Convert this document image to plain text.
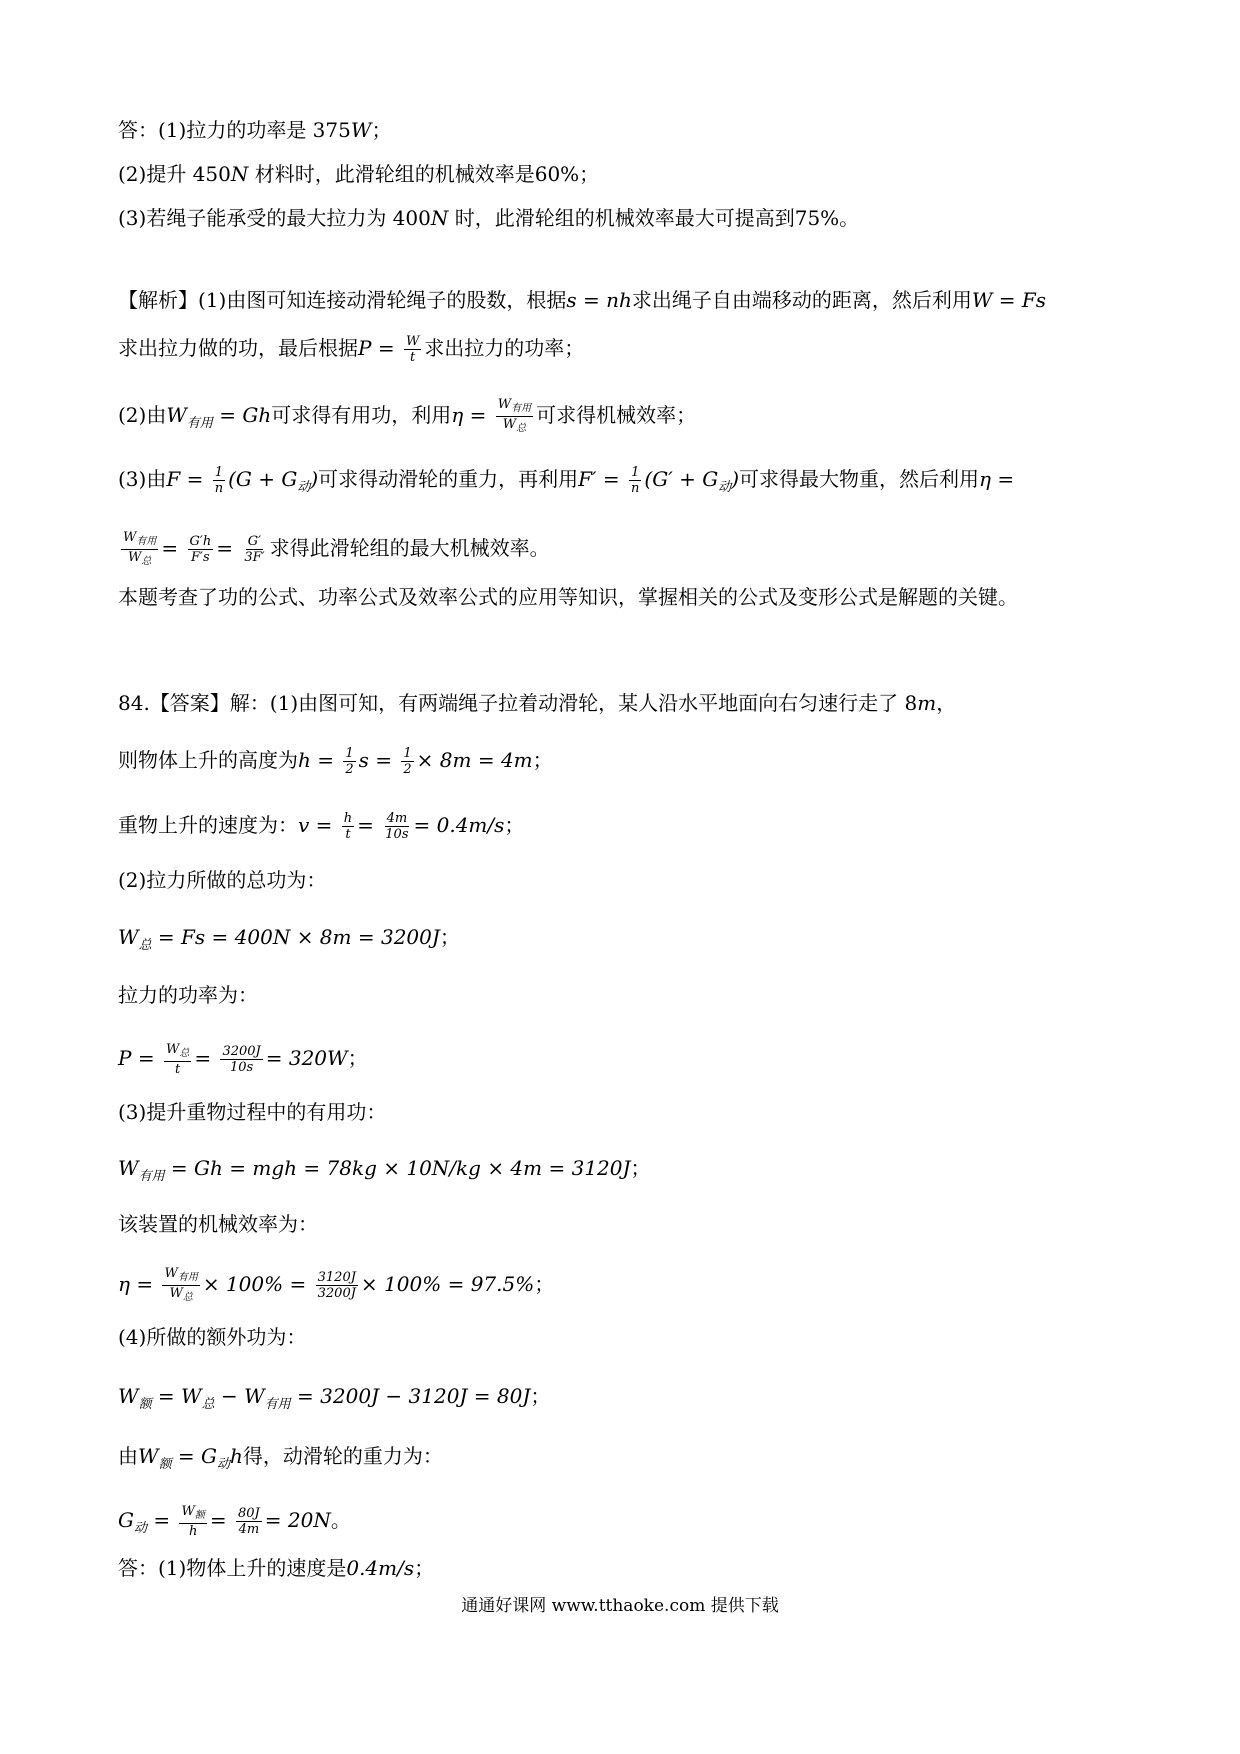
答：(1)拉力的功率是 375W；
(2)提升 450N 材料时，此滑轮组的机械效率是60%；
(3)若绳子能承受的最大拉力为 400N 时，此滑轮组的机械效率最大可提高到75%。
【解析】(1)由图可知连接动滑轮绳子的股数，根据s = nh求出绳子自由端移动的距离，然后利用W = Fs
求出拉力做的功，最后根据$P = \frac{W}{t}$ 求出拉力的功率；
(2)由$W_{有用} = Gh$可求得有用功，利用$\eta = \frac{W_{有用}}{W_总}$ 可求得机械效率；
(3)由$F = \frac{1}{n} (G + G_动)$可求得动滑轮的重力，再利用$F' = \frac{1}{n} (G' + G_动)$可求得最大物重，然后利用η =
$\frac{W_{有用}}{W_总} = \frac{G'h}{F's} = \frac{G'}{3F'}$ 求得此滑轮组的最大机械效率。
本题考查了功的公式、功率公式及效率公式的应用等知识，掌握相关的公式及变形公式是解题的关键。
84.【答案】解：(1)由图可知，有两端绳子拉着动滑轮，某人沿水平地面向右匀速行走了 8m，
则物体上升的高度为$h = \frac{1}{2}$ $s = \frac{1}{2} \times 8m = 4m$；
重物上升的速度为：$v = \frac{h}{t} = \frac{4m}{10s} = 0.4m/s$；
(2)拉力所做的总功为：
$W_总 = Fs = 400N \times 8m = 3200J$；
拉力的功率为：
$P = \frac{W_总}{t} = \frac{3200J}{10s} = 320W$；
(3)提升重物过程中的有用功：
$W_{有用} = Gh$ = mgh = 78kg × 10N/kg × 4m = 3120J；
该装置的机械效率为：
$\eta = \frac{W_{有用}}{W_总} \times 100\% = \frac{3120J}{3200J} \times 100\% = 97.5\%$；
(4)所做的额外功为：
$W_额 = W_总 - W_{有用} = 3200J - 3120J = 80J$；
由$W_额 = G_动h$得，动滑轮的重力为：
$G_动 = \frac{W_额}{h} = \frac{80J}{4m} = 20N$。
答：(1)物体上升的速度是0.4m/s；
通通好课网 www.tthaoke.com 提供下载
